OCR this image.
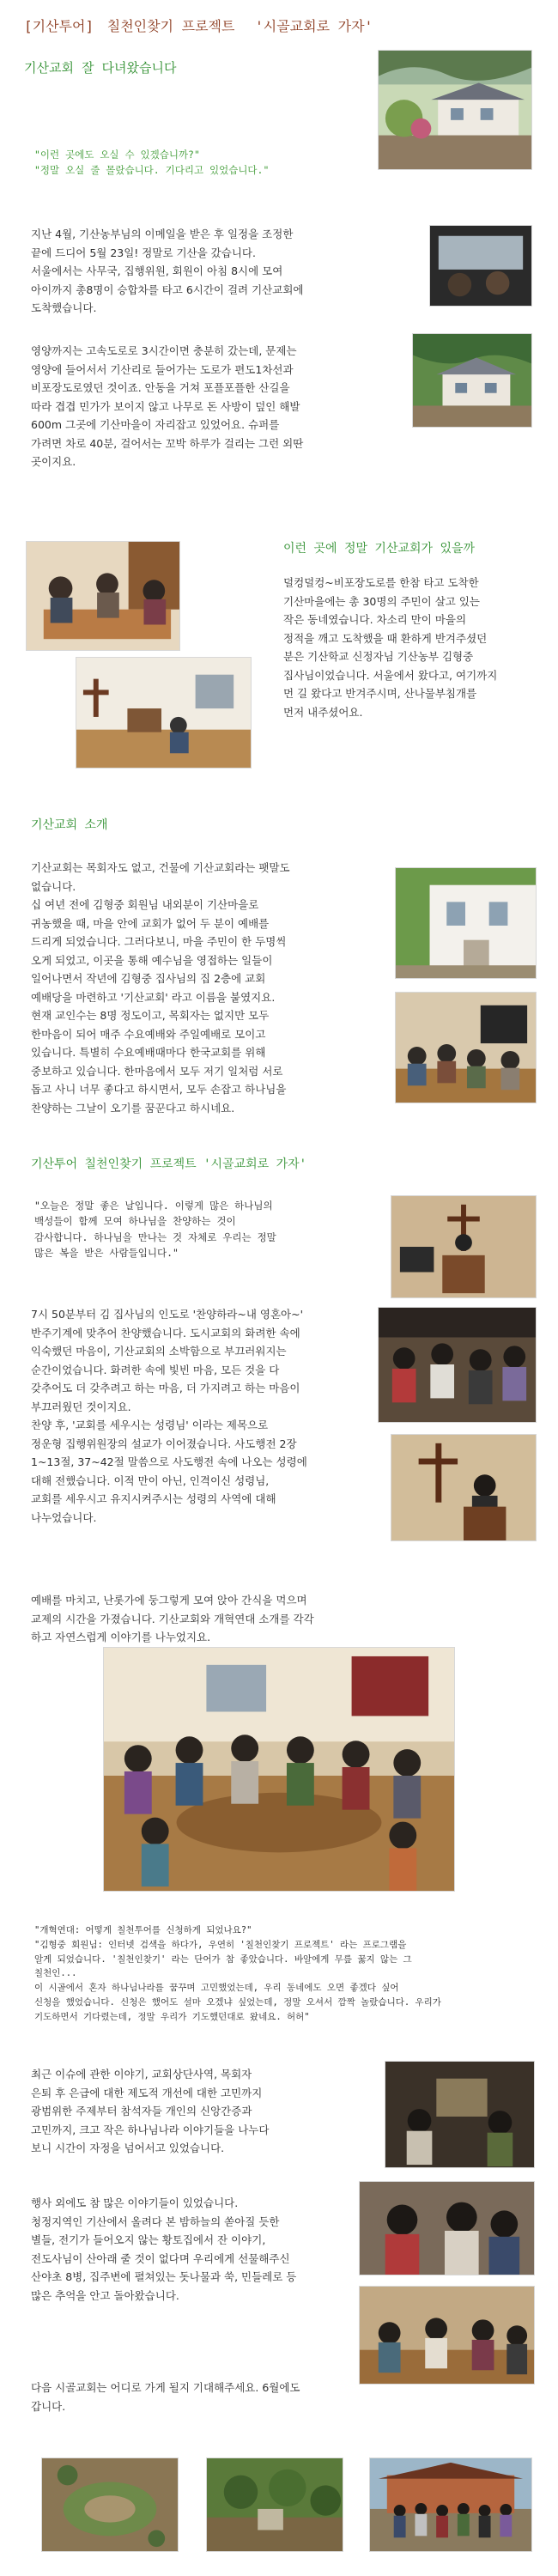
[기산투어] 칠천인찾기 프로젝트 '시골교회로 가자'
기산교회 잘 다녀왔습니다
"이런 곳에도 오실 수 있겠습니까?"
"정말 오실 줄 몰랐습니다. 기다리고 있었습니다."
지난 4월, 기산농부님의 이메일을 받은 후 일정을 조정한
끝에 드디어 5월 23일! 정말로 기산을 갔습니다.
서울에서는 사무국, 집행위원, 회원이 아침 8시에 모여
아이까지 총8명이 승합차를 타고 6시간이 걸려 기산교회에
도착했습니다.
영양까지는 고속도로로 3시간이면 충분히 갔는데, 문제는
영양에 들어서서 기산리로 들어가는 도로가 편도1차선과
비포장도로였던 것이죠. 안동을 거쳐 포플포플한 산길을
따라 겹겹 민가가 보이지 않고 나무로 돈 사방이 덮인 해발
600m 그곳에 기산마을이 자리잡고 있었어요. 슈퍼를
가려면 차로 40분, 걸어서는 꼬박 하루가 걸리는 그런 외딴
곳이지요.
이런 곳에 정말 기산교회가 있을까
덜컹덜컹~비포장도로를 한참 타고 도착한
기산마을에는 총 30명의 주민이 살고 있는
작은 동네였습니다. 차소리 만이 마을의
정적을 깨고 도착했을 때 환하게 반겨주셨던
분은 기산학교 신정자님 기산농부 김형중
집사님이었습니다. 서울에서 왔다고, 여기까지
먼 길 왔다고 반겨주시며, 산나물부침개를
먼저 내주셨어요.
기산교회 소개
기산교회는 목회자도 없고, 건물에 기산교회라는 팻말도
없습니다.
십 여년 전에 김형중 회원님 내외분이 기산마을로
귀농했을 때, 마을 안에 교회가 없어 두 분이 예배를
드리게 되었습니다. 그러다보니, 마을 주민이 한 두명씩
오게 되었고, 이곳을 통해 예수님을 영접하는 일들이
일어나면서 작년에 김형중 집사님의 집 2층에 교회
예배당을 마련하고 '기산교회' 라고 이름을 붙였지요.
현재 교인수는 8명 정도이고, 목회자는 없지만 모두
한마음이 되어 매주 수요예배와 주일예배로 모이고
있습니다. 특별히 수요예배때마다 한국교회를 위해
중보하고 있습니다. 한마음에서 모두 저기 일처럼 서로
돕고 사니 너무 좋다고 하시면서, 모두 손잡고 하나님을
찬양하는 그날이 오기를 꿈꾼다고 하시네요.
기산투어 칠천인찾기 프로젝트 '시골교회로 가자'
"오늘은 정말 좋은 날입니다. 이렇게 많은 하나님의
백성들이 함께 모여 하나님을 찬양하는 것이
감사합니다. 하나님을 만나는 것 자체로 우리는 정말
많은 복을 받은 사람들입니다."
7시 50분부터 김 집사님의 인도로 '찬양하라~내 영혼아~'
반주기계에 맞추어 찬양했습니다. 도시교회의 화려한 속에
익숙했던 마음이, 기산교회의 소박함으로 부끄러워지는
순간이었습니다. 화려한 속에 빛빈 마음, 모든 것을 다
갖추어도 더 갖추려고 하는 마음, 더 가지려고 하는 마음이
부끄러웠던 것이지요.
찬양 후, '교회를 세우시는 성령님' 이라는 제목으로
정운형 집행위원장의 설교가 이어졌습니다. 사도행전 2장
1~13절, 37~42절 말씀으로 사도행전 속에 나오는 성령에
대해 전했습니다. 이적 만이 아닌, 인격이신 성령님,
교회를 세우시고 유지시켜주시는 성령의 사역에 대해
나누었습니다.
예배를 마치고, 난롯가에 둥그렇게 모여 앉아 간식을 먹으며
교제의 시간을 가졌습니다. 기산교회와 개혁연대 소개를 각각
하고 자연스럽게 이야기를 나누었지요.
"개혁연대: 어떻게 칠천투어를 신청하게 되었나요?"
"김형중 회원님: 인터넷 검색을 하다가, 우연히 '칠천인찾기 프로젝트' 라는 프로그램을
알게 되었습니다. '칠천인찾기' 라는 단어가 참 좋았습니다. 바알에게 무릎 꿇지 않는 그
칠천인...
이 시골에서 혼자 하나님나라를 꿈꾸며 고민했었는데, 우리 동네에도 오면 좋겠다 싶어
신청을 했었습니다. 신청은 했어도 설마 오겠냐 싶었는데, 정말 오셔서 깜짝 놀랐습니다. 우리가
기도하면서 기다렸는데, 정말 우리가 기도했던대로 왔네요. 허허"
최근 이슈에 관한 이야기, 교회상단사역, 목회자
은퇴 후 은급에 대한 제도적 개선에 대한 고민까지
광범위한 주제부터 참석자들 개인의 신앙간증과
고민까지, 크고 작은 하나님나라 이야기들을 나누다
보니 시간이 자정을 넘어서고 있었습니다.
행사 외에도 참 많은 이야기들이 있었습니다.
청정지역인 기산에서 올려다 본 밤하늘의 쏟아질 듯한
별들, 전기가 들어오지 않는 황토집에서 잔 이야기,
전도사님이 산아래 줄 것이 없다며 우리에게 선물해주신
산야초 8병, 집주변에 펼쳐있는 돗나물과 쑥, 민들레로 등
많은 추억을 안고 돌아왔습니다.
다음 시골교회는 어디로 가게 될지 기대해주세요. 6월에도
갑니다.
